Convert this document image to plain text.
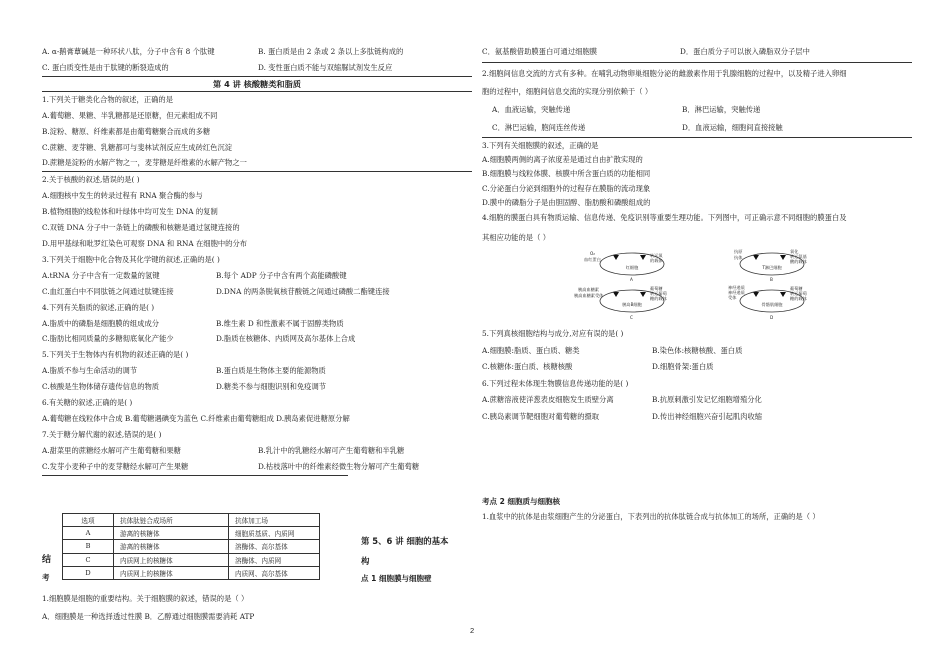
A. α-鹅膏蕈碱是一种环状八肽，分子中含有 8 个肽键	B. 蛋白质是由 2 条或 2 条以上多肽链构成的
C. 蛋白质变性是由于肽键的断裂造成的	D. 变性蛋白质不能与双缩脲试剂发生反应
第 4 讲 核酸糖类和脂质
1.下列关于糖类化合物的叙述，正确的是
A.葡萄糖、果糖、半乳糖都是还原糖，但元素组成不同
B.淀粉、糖原、纤维素都是由葡萄糖聚合而成的多糖
C.蔗糖、麦芽糖、乳糖都可与斐林试剂反应生成砖红色沉淀
D.蔗糖是淀粉的水解产物之一，麦芽糖是纤维素的水解产物之一
2.关于核酸的叙述,错误的是( )
A.细胞核中发生的转录过程有 RNA 聚合酶的参与
B.植物细胞的线粒体和叶绿体中均可发生 DNA 的复制
C.双链 DNA 分子中一条链上的磷酸和核糖是通过氢键连接的
D.用甲基绿和吡罗红染色可观察 DNA 和 RNA 在细胞中的分布
3.下列关于细胞中化合物及其化学键的叙述,正确的是( )
A.tRNA 分子中含有一定数量的氢键	B.每个 ADP 分子中含有两个高能磷酸键
C.血红蛋白中不同肽链之间通过肽键连接	D.DNA 的两条脱氧核苷酸链之间通过磷酸二酯键连接
4.下列有关脂质的叙述,正确的是( )
A.脂质中的磷脂是细胞膜的组成成分	B.维生素 D 和性激素不属于固醇类物质
C.脂肪比相同质量的多糖彻底氧化产能少	D.脂质在核糖体、内质网及高尔基体上合成
5.下列关于生物体内有机物的叙述正确的是( )
A.脂质不参与生命活动的调节	B.蛋白质是生物体主要的能源物质
C.核酸是生物体储存遗传信息的物质	D.糖类不参与细胞识别和免疫调节
6.有关糖的叙述,正确的是( )
A.葡萄糖在线粒体中合成 B.葡萄糖遇碘变为蓝色 C.纤维素由葡萄糖组成 D.胰岛素促进糖原分解
7.关于糖分解代谢的叙述,错误的是( )
A.甜菜里的蔗糖经水解可产生葡萄糖和果糖	B.乳汁中的乳糖经水解可产生葡萄糖和半乳糖
C.发芽小麦种子中的麦芽糖经水解可产生果糖	D.枯枝落叶中的纤维素经微生物分解可产生葡萄糖
选项	抗体肽链合成场所	抗体加工场
A	游离的核糖体	细胞质基质、内质网
B	游离的核糖体	溶酶体、高尔基体
C	内质网上的核糖体	溶酶体、内质网
D	内质网上的核糖体	内质网、高尔基体
结
考
第 5、6 讲 细胞的基本
构
点 1 细胞膜与细胞壁
1.细胞膜是细胞的重要结构。关于细胞膜的叙述，错误的是（ ）
A．细胞膜是一种选择透过性膜 B．乙醇通过细胞膜需要消耗 ATP
C．氨基酸借助膜蛋白可通过细胞膜	D．蛋白质分子可以嵌入磷脂双分子层中
2.细胞间信息交流的方式有多种。在哺乳动物卵巢细胞分泌的雌激素作用于乳腺细胞的过程中，以及精子进入卵细
胞的过程中，细胞间信息交流的实现分别依赖于（ ）
A．血液运输，突触传递	B．淋巴运输，突触传递
C．淋巴运输，胞间连丝传递	D．血液运输，细胞间直接接触
3.下列有关细胞膜的叙述，正确的是
A.细胞膜两侧的离子浓度差是通过自由扩散实现的
B.细胞膜与线粒体膜、核膜中所含蛋白质的功能相同
C.分泌蛋白分泌到细胞外的过程存在膜脂的流动现象
D.膜中的磷脂分子是由胆固醇、脂肪酸和磷酸组成的
4.细胞的膜蛋白具有物质运输、信息传递、免疫识别等重要生理功能。下列图中，可正确示意不同细胞的膜蛋白及
其相应功能的是（ ）
红细胞
O₂
血红蛋白
转运氧
的载体
A
T淋巴细胞
抗原
抗体
氧化
转运氨基
酸的载体
B
胰岛B细胞
胰高血糖素
胰高血糖素受体
葡萄糖
转运葡萄
糖的载体
C
骨骼肌细胞
神经递质
神经递质
受体
葡萄糖
转运葡萄
糖的载体
D
5.下列真核细胞结构与成分,对应有误的是( )
A.细胞膜:脂质、蛋白质、糖类	B.染色体:核糖核酸、蛋白质
C.核糖体:蛋白质、核糖核酸	D.细胞骨架:蛋白质
6.下列过程未体现生物膜信息传递功能的是( )
A.蔗糖溶液使洋葱表皮细胞发生质壁分离	B.抗原刺激引发记忆细胞增殖分化
C.胰岛素调节靶细胞对葡萄糖的摄取	D.传出神经细胞兴奋引起肌肉收缩
考点 2 细胞质与细胞核
1.血浆中的抗体是由浆细胞产生的分泌蛋白，下表列出的抗体肽链合成与抗体加工的场所，正确的是（ ）
2
